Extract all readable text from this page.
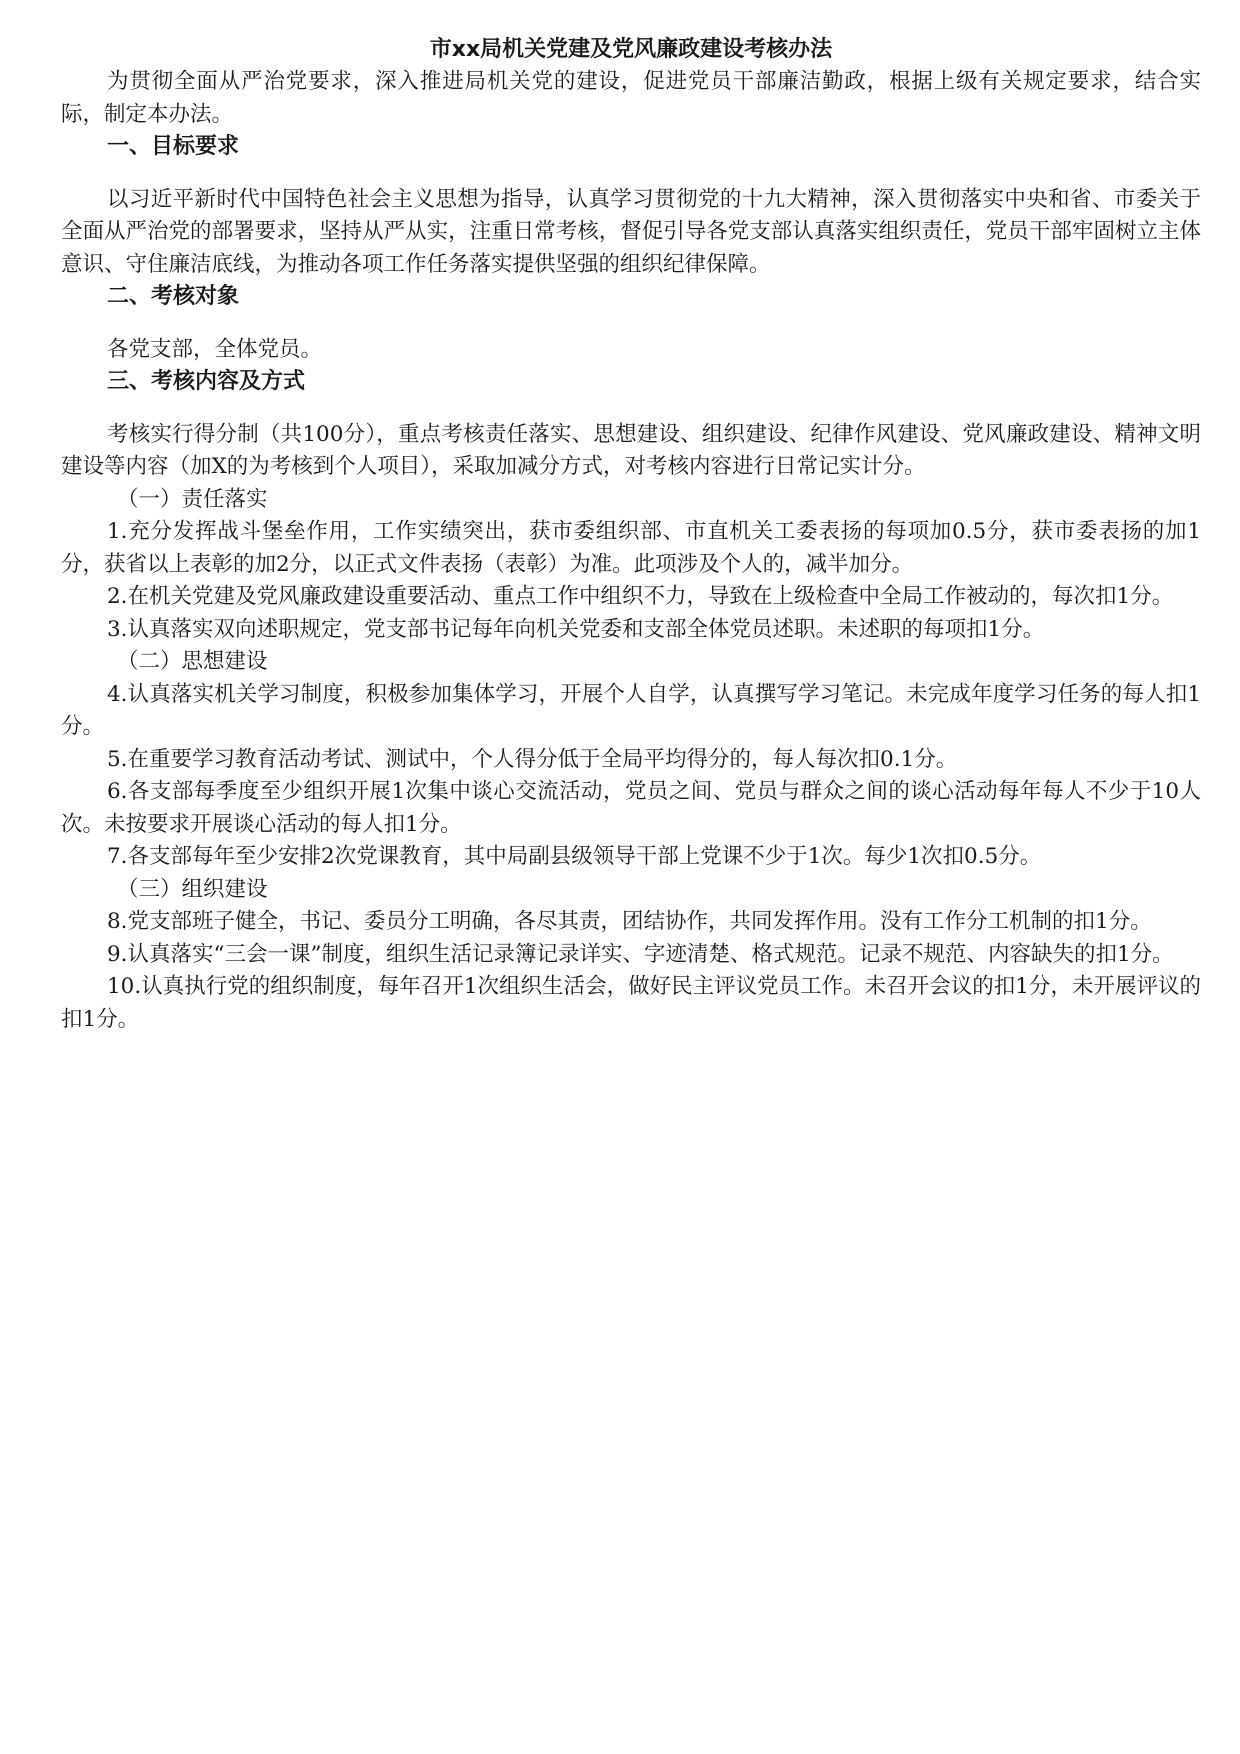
市xx局机关党建及党风廉政建设考核办法

为贯彻全面从严治党要求，深入推进局机关党的建设，促进党员干部廉洁勤政，根据上级有关规定要求，结合实际，制定本办法。

一、目标要求

以习近平新时代中国特色社会主义思想为指导，认真学习贯彻党的十九大精神，深入贯彻落实中央和省、市委关于全面从严治党的部署要求，坚持从严从实，注重日常考核，督促引导各党支部认真落实组织责任，党员干部牢固树立主体意识、守住廉洁底线，为推动各项工作任务落实提供坚强的组织纪律保障。

二、考核对象

各党支部，全体党员。

三、考核内容及方式

考核实行得分制（共100分），重点考核责任落实、思想建设、组织建设、纪律作风建设、党风廉政建设、精神文明建设等内容（加X的为考核到个人项目），采取加减分方式，对考核内容进行日常记实计分。

（一）责任落实

1.充分发挥战斗堡垒作用，工作实绩突出，获市委组织部、市直机关工委表扬的每项加0.5分，获市委表扬的加1分，获省以上表彰的加2分，以正式文件表扬（表彰）为准。此项涉及个人的，减半加分。

2.在机关党建及党风廉政建设重要活动、重点工作中组织不力，导致在上级检查中全局工作被动的，每次扣1分。

3.认真落实双向述职规定，党支部书记每年向机关党委和支部全体党员述职。未述职的每项扣1分。

（二）思想建设

4.认真落实机关学习制度，积极参加集体学习，开展个人自学，认真撰写学习笔记。未完成年度学习任务的每人扣1分。

5.在重要学习教育活动考试、测试中，个人得分低于全局平均得分的，每人每次扣0.1分。

6.各支部每季度至少组织开展1次集中谈心交流活动，党员之间、党员与群众之间的谈心活动每年每人不少于10人次。未按要求开展谈心活动的每人扣1分。

7.各支部每年至少安排2次党课教育，其中局副县级领导干部上党课不少于1次。每少1次扣0.5分。

（三）组织建设

8.党支部班子健全，书记、委员分工明确，各尽其责，团结协作，共同发挥作用。没有工作分工机制的扣1分。

9.认真落实“三会一课”制度，组织生活记录簿记录详实、字迹清楚、格式规范。记录不规范、内容缺失的扣1分。

10.认真执行党的组织制度，每年召开1次组织生活会，做好民主评议党员工作。未召开会议的扣1分，未开展评议的扣1分。
